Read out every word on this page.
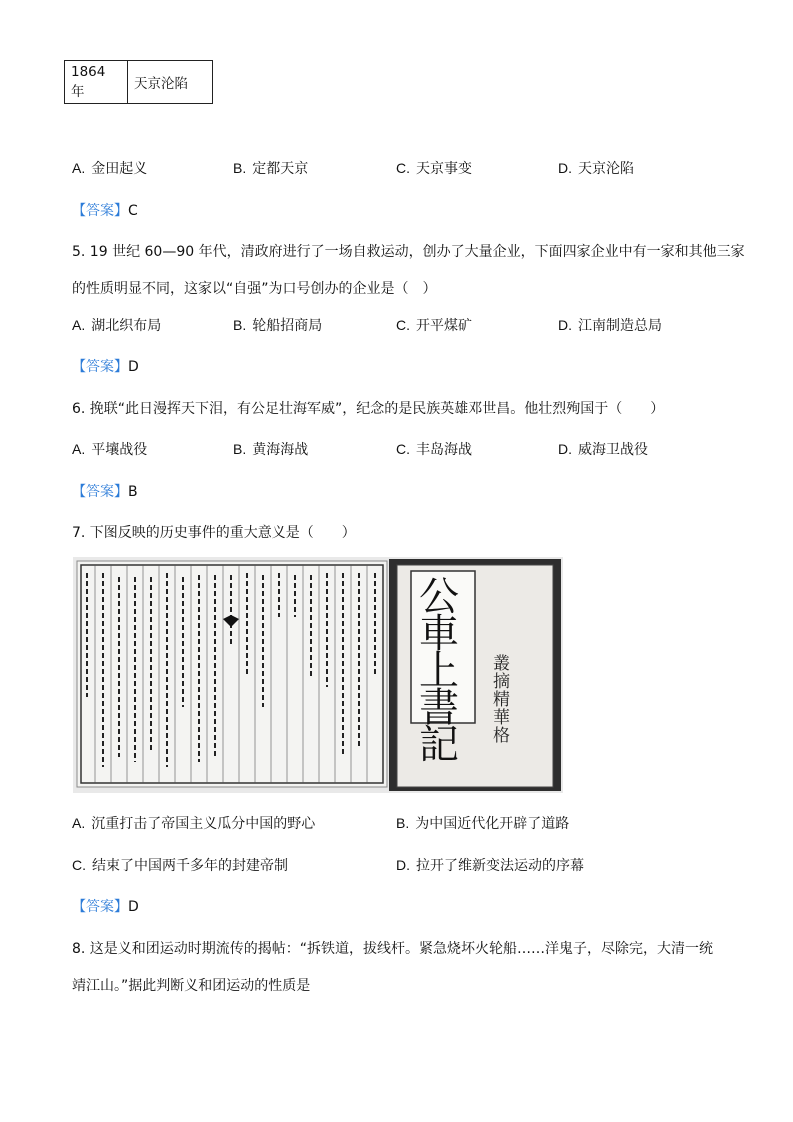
1864 年	天京沦陷
A. 金田起义	B. 定都天京	C. 天京事变	D. 天京沦陷
【答案】C
5. 19 世纪 60—90 年代，清政府进行了一场自救运动，创办了大量企业，下面四家企业中有一家和其他三家
的性质明显不同，这家以“自强”为口号创办的企业是（　）
A. 湖北织布局	B. 轮船招商局	C. 开平煤矿	D. 江南制造总局
【答案】D
6. 挽联“此日漫挥天下泪，有公足壮海军威”，纪念的是民族英雄邓世昌。他壮烈殉国于（　　）
A. 平壤战役	B. 黄海海战	C. 丰岛海战	D. 威海卫战役
【答案】B
7. 下图反映的历史事件的重大意义是（　　）
公車上書記
叢摘精華格
A. 沉重打击了帝国主义瓜分中国的野心	B. 为中国近代化开辟了道路
C. 结束了中国两千多年的封建帝制	D. 拉开了维新变法运动的序幕
【答案】D
8. 这是义和团运动时期流传的揭帖：“拆铁道，拔线杆。紧急烧坏火轮船……洋鬼子，尽除完，大清一统
靖江山。”据此判断义和团运动的性质是
